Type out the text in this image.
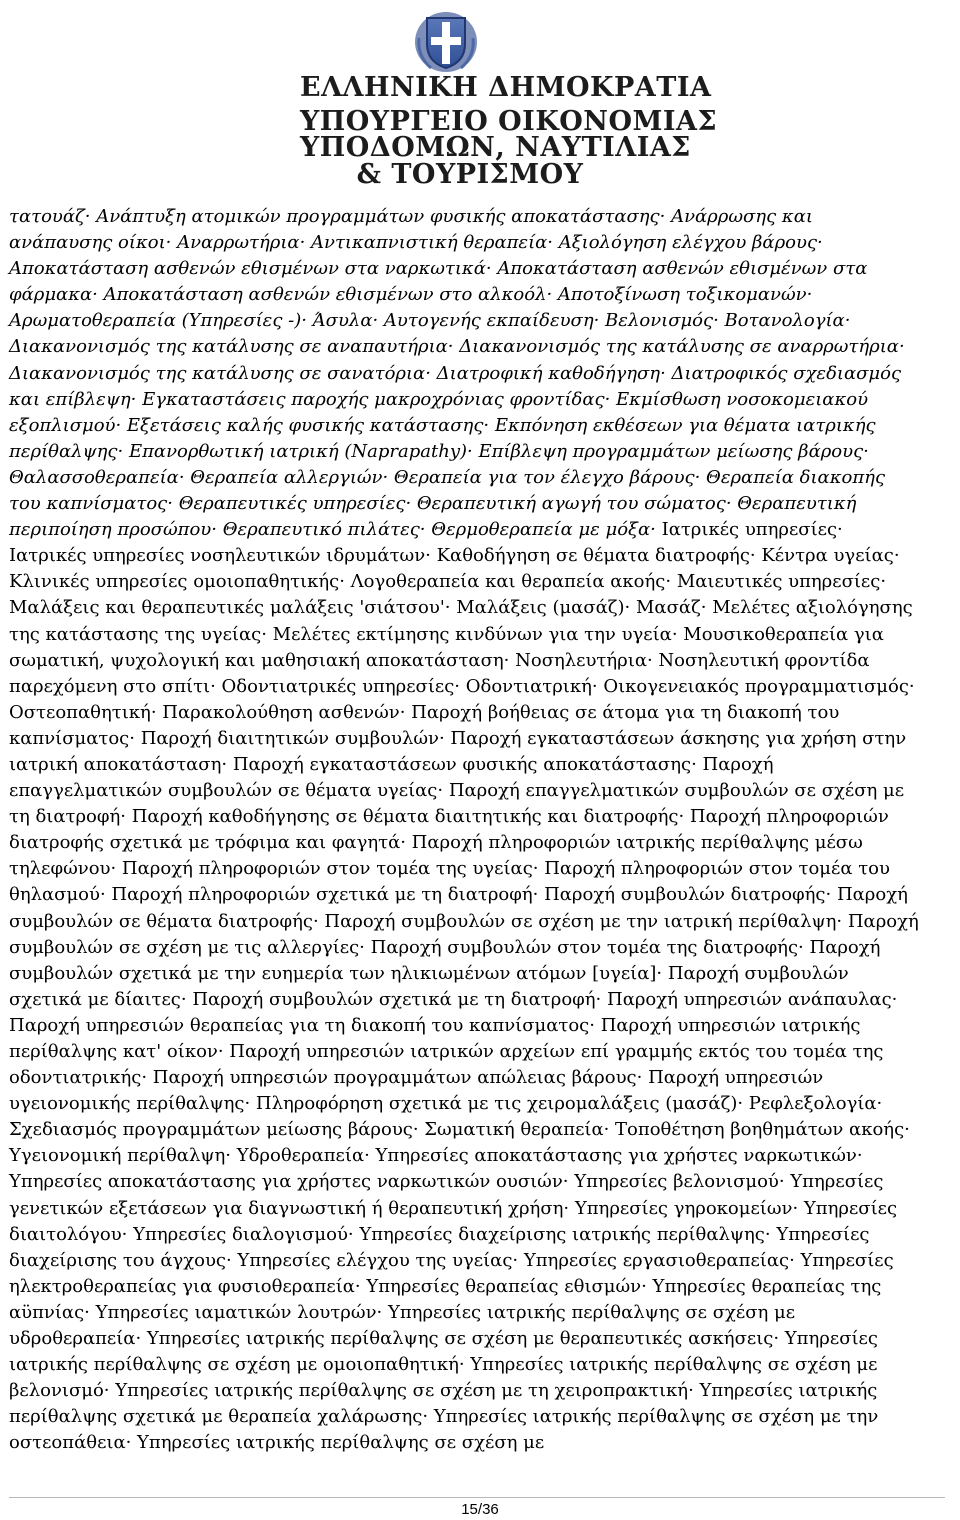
ΕΛΛΗΝΙΚΗ ΔΗΜΟΚΡΑΤΙΑ
ΥΠΟΥΡΓΕΙΟ ΟΙΚΟΝΟΜΙΑΣ
ΥΠΟΔΟΜΩΝ, ΝΑΥΤΙΛΙΑΣ
& ΤΟΥΡΙΣΜΟΥ
τατουάζ· Ανάπτυξη ατομικών προγραμμάτων φυσικής αποκατάστασης· Ανάρρωσης και ανάπαυσης οίκοι· Αναρρωτήρια· Αντικαπνιστική θεραπεία· Αξιολόγηση ελέγχου βάρους· Αποκατάσταση ασθενών εθισμένων στα ναρκωτικά· Αποκατάσταση ασθενών εθισμένων στα φάρμακα· Αποκατάσταση ασθενών εθισμένων στο αλκοόλ· Αποτοξίνωση τοξικομανών· Αρωματοθεραπεία (Υπηρεσίες -)· Άσυλα· Αυτογενής εκπαίδευση· Βελονισμός· Βοτανολογία· Διακανονισμός της κατάλυσης σε αναπαυτήρια· Διακανονισμός της κατάλυσης σε αναρρωτήρια· Διακανονισμός της κατάλυσης σε σανατόρια· Διατροφική καθοδήγηση· Διατροφικός σχεδιασμός και επίβλεψη· Εγκαταστάσεις παροχής μακροχρόνιας φροντίδας· Εκμίσθωση νοσοκομειακού εξοπλισμού· Εξετάσεις καλής φυσικής κατάστασης· Εκπόνηση εκθέσεων για θέματα ιατρικής περίθαλψης· Επανορθωτική ιατρική (Naprapathy)· Επίβλεψη προγραμμάτων μείωσης βάρους· Θαλασσοθεραπεία· Θεραπεία αλλεργιών· Θεραπεία για τον έλεγχο βάρους· Θεραπεία διακοπής του καπνίσματος· Θεραπευτικές υπηρεσίες· Θεραπευτική αγωγή του σώματος· Θεραπευτική περιποίηση προσώπου· Θεραπευτικό πιλάτες· Θερμοθεραπεία με μόξα· Ιατρικές υπηρεσίες· Ιατρικές υπηρεσίες νοσηλευτικών ιδρυμάτων· Καθοδήγηση σε θέματα διατροφής· Κέντρα υγείας· Κλινικές υπηρεσίες ομοιοπαθητικής· Λογοθεραπεία και θεραπεία ακοής· Μαιευτικές υπηρεσίες· Μαλάξεις και θεραπευτικές μαλάξεις 'σιάτσου'· Μαλάξεις (μασάζ)· Μασάζ· Μελέτες αξιολόγησης της κατάστασης της υγείας· Μελέτες εκτίμησης κινδύνων για την υγεία· Μουσικοθεραπεία για σωματική, ψυχολογική και μαθησιακή αποκατάσταση· Νοσηλευτήρια· Νοσηλευτική φροντίδα παρεχόμενη στο σπίτι· Οδοντιατρικές υπηρεσίες· Οδοντιατρική· Οικογενειακός προγραμματισμός· Οστεοπαθητική· Παρακολούθηση ασθενών· Παροχή βοήθειας σε άτομα για τη διακοπή του καπνίσματος· Παροχή διαιτητικών συμβουλών· Παροχή εγκαταστάσεων άσκησης για χρήση στην ιατρική αποκατάσταση· Παροχή εγκαταστάσεων φυσικής αποκατάστασης· Παροχή επαγγελματικών συμβουλών σε θέματα υγείας· Παροχή επαγγελματικών συμβουλών σε σχέση με τη διατροφή· Παροχή καθοδήγησης σε θέματα διαιτητικής και διατροφής· Παροχή πληροφοριών διατροφής σχετικά με τρόφιμα και φαγητά· Παροχή πληροφοριών ιατρικής περίθαλψης μέσω τηλεφώνου· Παροχή πληροφοριών στον τομέα της υγείας· Παροχή πληροφοριών στον τομέα του θηλασμού· Παροχή πληροφοριών σχετικά με τη διατροφή· Παροχή συμβουλών διατροφής· Παροχή συμβουλών σε θέματα διατροφής· Παροχή συμβουλών σε σχέση με την ιατρική περίθαλψη· Παροχή συμβουλών σε σχέση με τις αλλεργίες· Παροχή συμβουλών στον τομέα της διατροφής· Παροχή συμβουλών σχετικά με την ευημερία των ηλικιωμένων ατόμων [υγεία]· Παροχή συμβουλών σχετικά με δίαιτες· Παροχή συμβουλών σχετικά με τη διατροφή· Παροχή υπηρεσιών ανάπαυλας· Παροχή υπηρεσιών θεραπείας για τη διακοπή του καπνίσματος· Παροχή υπηρεσιών ιατρικής περίθαλψης κατ' οίκον· Παροχή υπηρεσιών ιατρικών αρχείων επί γραμμής εκτός του τομέα της οδοντιατρικής· Παροχή υπηρεσιών προγραμμάτων απώλειας βάρους· Παροχή υπηρεσιών υγειονομικής περίθαλψης· Πληροφόρηση σχετικά με τις χειρομαλάξεις (μασάζ)· Ρεφλεξολογία· Σχεδιασμός προγραμμάτων μείωσης βάρους· Σωματική θεραπεία· Τοποθέτηση βοηθημάτων ακοής· Υγειονομική περίθαλψη· Υδροθεραπεία· Υπηρεσίες αποκατάστασης για χρήστες ναρκωτικών· Υπηρεσίες αποκατάστασης για χρήστες ναρκωτικών ουσιών· Υπηρεσίες βελονισμού· Υπηρεσίες γενετικών εξετάσεων για διαγνωστική ή θεραπευτική χρήση· Υπηρεσίες γηροκομείων· Υπηρεσίες διαιτολόγου· Υπηρεσίες διαλογισμού· Υπηρεσίες διαχείρισης ιατρικής περίθαλψης· Υπηρεσίες διαχείρισης του άγχους· Υπηρεσίες ελέγχου της υγείας· Υπηρεσίες εργασιοθεραπείας· Υπηρεσίες ηλεκτροθεραπείας για φυσιοθεραπεία· Υπηρεσίες θεραπείας εθισμών· Υπηρεσίες θεραπείας της αϋπνίας· Υπηρεσίες ιαματικών λουτρών· Υπηρεσίες ιατρικής περίθαλψης σε σχέση με υδροθεραπεία· Υπηρεσίες ιατρικής περίθαλψης σε σχέση με θεραπευτικές ασκήσεις· Υπηρεσίες ιατρικής περίθαλψης σε σχέση με ομοιοπαθητική· Υπηρεσίες ιατρικής περίθαλψης σε σχέση με βελονισμό· Υπηρεσίες ιατρικής περίθαλψης σε σχέση με τη χειροπρακτική· Υπηρεσίες ιατρικής περίθαλψης σχετικά με θεραπεία χαλάρωσης· Υπηρεσίες ιατρικής περίθαλψης σε σχέση με την οστεοπάθεια· Υπηρεσίες ιατρικής περίθαλψης σε σχέση με
15/36
